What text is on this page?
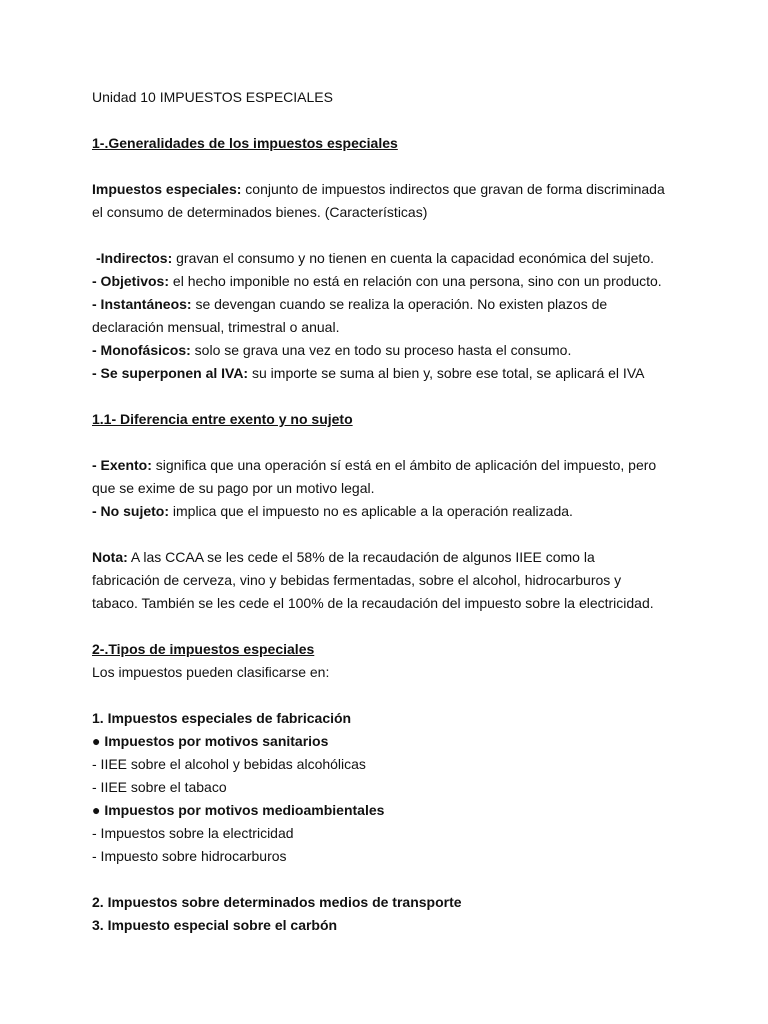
Unidad 10 IMPUESTOS ESPECIALES
1-.Generalidades de los impuestos especiales
Impuestos especiales: conjunto de impuestos indirectos que gravan de forma discriminada
el consumo de determinados bienes. (Características)
-Indirectos: gravan el consumo y no tienen en cuenta la capacidad económica del sujeto.
- Objetivos: el hecho imponible no está en relación con una persona, sino con un producto.
- Instantáneos: se devengan cuando se realiza la operación. No existen plazos de
declaración mensual, trimestral o anual.
- Monofásicos: solo se grava una vez en todo su proceso hasta el consumo.
- Se superponen al IVA: su importe se suma al bien y, sobre ese total, se aplicará el IVA
1.1- Diferencia entre exento y no sujeto
- Exento: significa que una operación sí está en el ámbito de aplicación del impuesto, pero
que se exime de su pago por un motivo legal.
- No sujeto: implica que el impuesto no es aplicable a la operación realizada.
Nota: A las CCAA se les cede el 58% de la recaudación de algunos IIEE como la
fabricación de cerveza, vino y bebidas fermentadas, sobre el alcohol, hidrocarburos y
tabaco. También se les cede el 100% de la recaudación del impuesto sobre la electricidad.
2-.Tipos de impuestos especiales
Los impuestos pueden clasificarse en:
1. Impuestos especiales de fabricación
● Impuestos por motivos sanitarios
- IIEE sobre el alcohol y bebidas alcohólicas
- IIEE sobre el tabaco
● Impuestos por motivos medioambientales
- Impuestos sobre la electricidad
- Impuesto sobre hidrocarburos
2. Impuestos sobre determinados medios de transporte
3. Impuesto especial sobre el carbón
